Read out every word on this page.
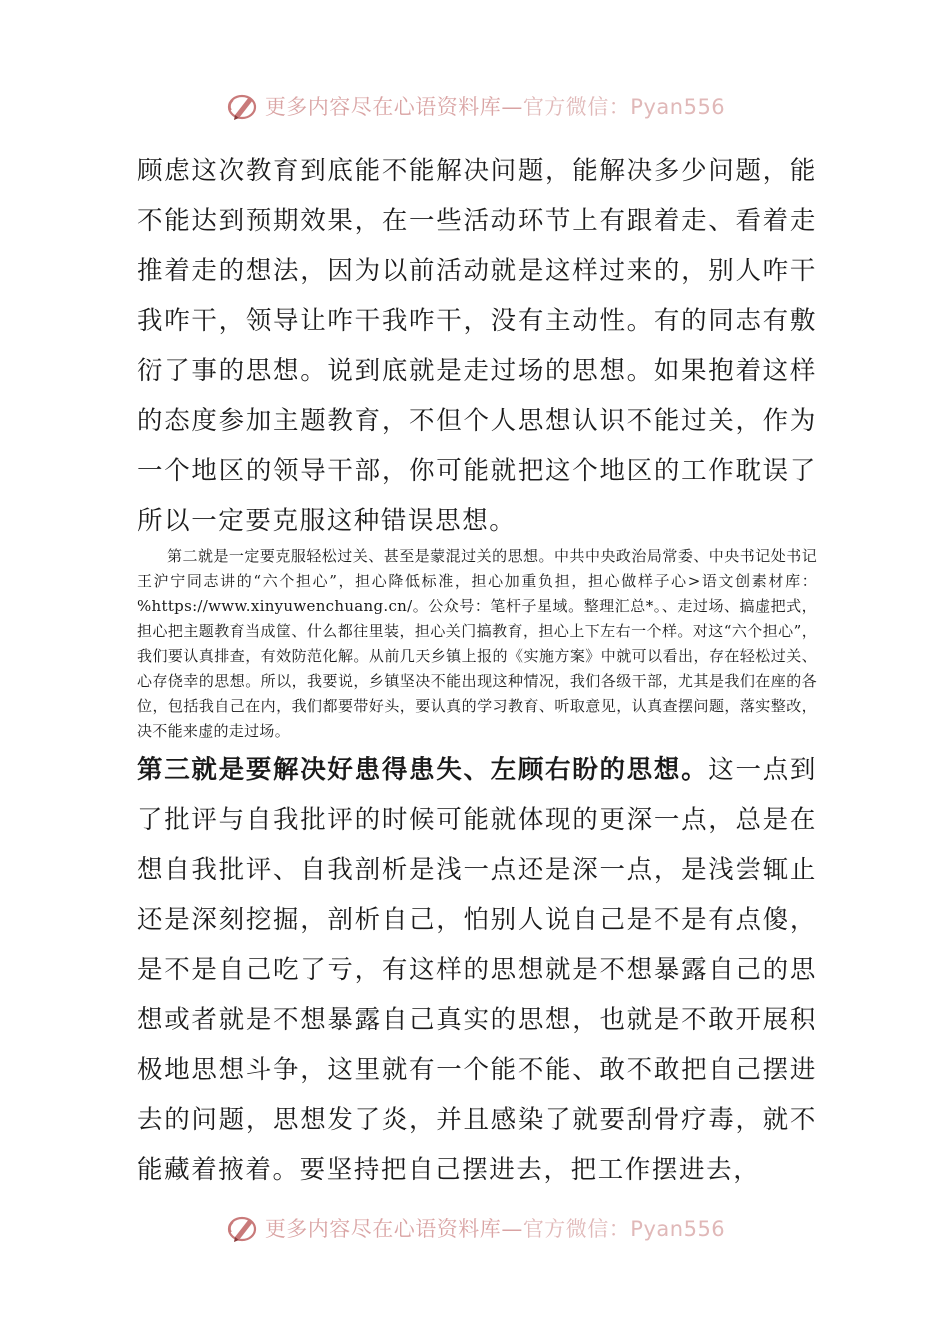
更多内容尽在心语资料库—官方微信：Pyan556

顾虑这次教育到底能不能解决问题，能解决多少问题，能不能达到预期效果，在一些活动环节上有跟着走、看着走推着走的想法，因为以前活动就是这样过来的，别人咋干我咋干，领导让咋干我咋干，没有主动性。有的同志有敷衍了事的思想。说到底就是走过场的思想。如果抱着这样的态度参加主题教育，不但个人思想认识不能过关，作为一个地区的领导干部，你可能就把这个地区的工作耽误了所以一定要克服这种错误思想。

第二就是一定要克服轻松过关、甚至是蒙混过关的思想。中共中央政治局常委、中央书记处书记王沪宁同志讲的“六个担心”，担心降低标准，担心加重负担，担心做样子心>语文创素材库：%https://www.xinyuwenchuang.cn/。公众号：笔杆子星域。整理汇总*。、走过场、搞虚把式，担心把主题教育当成筐、什么都往里装，担心关门搞教育，担心上下左右一个样。对这“六个担心”，我们要认真排查，有效防范化解。从前几天乡镇上报的《实施方案》中就可以看出，存在轻松过关、心存侥幸的思想。所以，我要说，乡镇坚决不能出现这种情况，我们各级干部，尤其是我们在座的各位，包括我自己在内，我们都要带好头，要认真的学习教育、听取意见，认真查摆问题，落实整改，决不能来虚的走过场。

第三就是要解决好患得患失、左顾右盼的思想。这一点到了批评与自我批评的时候可能就体现的更深一点，总是在想自我批评、自我剖析是浅一点还是深一点，是浅尝辄止还是深刻挖掘，剖析自己，怕别人说自己是不是有点傻，是不是自己吃了亏，有这样的思想就是不想暴露自己的思想或者就是不想暴露自己真实的思想，也就是不敢开展积极地思想斗争，这里就有一个能不能、敢不敢把自己摆进去的问题，思想发了炎，并且感染了就要刮骨疗毒，就不能藏着掖着。要坚持把自己摆进去，把工作摆进去，

更多内容尽在心语资料库—官方微信：Pyan556
